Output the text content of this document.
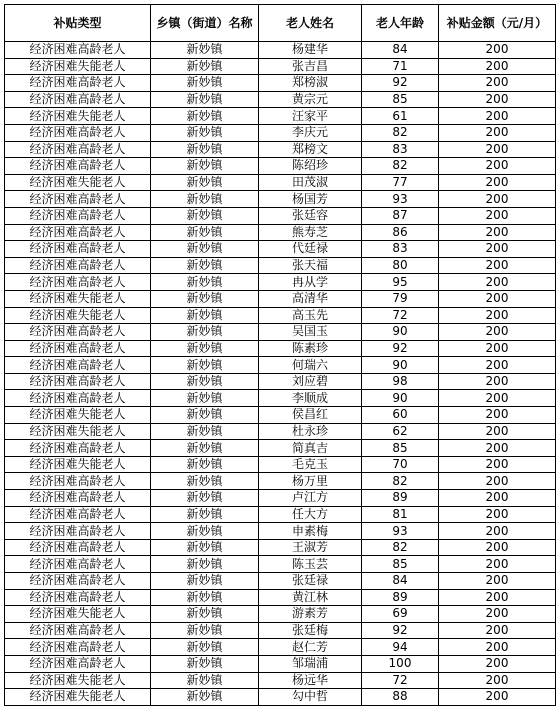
补贴类型	乡镇（街道）名称	老人姓名	老人年龄	补贴金额（元/月）
经济困难高龄老人	新妙镇	杨建华	84	200
经济困难失能老人	新妙镇	张吉昌	71	200
经济困难高龄老人	新妙镇	郑榜淑	92	200
经济困难高龄老人	新妙镇	黄宗元	85	200
经济困难失能老人	新妙镇	汪家平	61	200
经济困难高龄老人	新妙镇	李庆元	82	200
经济困难高龄老人	新妙镇	郑榜文	83	200
经济困难高龄老人	新妙镇	陈绍珍	82	200
经济困难失能老人	新妙镇	田茂淑	77	200
经济困难高龄老人	新妙镇	杨国芳	93	200
经济困难高龄老人	新妙镇	张廷容	87	200
经济困难高龄老人	新妙镇	熊寿芝	86	200
经济困难高龄老人	新妙镇	代廷禄	83	200
经济困难高龄老人	新妙镇	张天福	80	200
经济困难高龄老人	新妙镇	冉从学	95	200
经济困难失能老人	新妙镇	高清华	79	200
经济困难失能老人	新妙镇	高玉先	72	200
经济困难高龄老人	新妙镇	吴国玉	90	200
经济困难高龄老人	新妙镇	陈素珍	92	200
经济困难高龄老人	新妙镇	何瑞六	90	200
经济困难高龄老人	新妙镇	刘应碧	98	200
经济困难高龄老人	新妙镇	李顺成	90	200
经济困难失能老人	新妙镇	侯昌红	60	200
经济困难失能老人	新妙镇	杜永珍	62	200
经济困难高龄老人	新妙镇	简真吉	85	200
经济困难失能老人	新妙镇	毛克玉	70	200
经济困难高龄老人	新妙镇	杨万里	82	200
经济困难高龄老人	新妙镇	卢江方	89	200
经济困难高龄老人	新妙镇	任大方	81	200
经济困难高龄老人	新妙镇	申素梅	93	200
经济困难高龄老人	新妙镇	王淑芳	82	200
经济困难高龄老人	新妙镇	陈玉芸	85	200
经济困难高龄老人	新妙镇	张廷禄	84	200
经济困难高龄老人	新妙镇	黄江林	89	200
经济困难失能老人	新妙镇	游素芳	69	200
经济困难高龄老人	新妙镇	张廷梅	92	200
经济困难高龄老人	新妙镇	赵仁芳	94	200
经济困难高龄老人	新妙镇	邹瑞浦	100	200
经济困难失能老人	新妙镇	杨远华	72	200
经济困难失能老人	新妙镇	勾中哲	88	200
